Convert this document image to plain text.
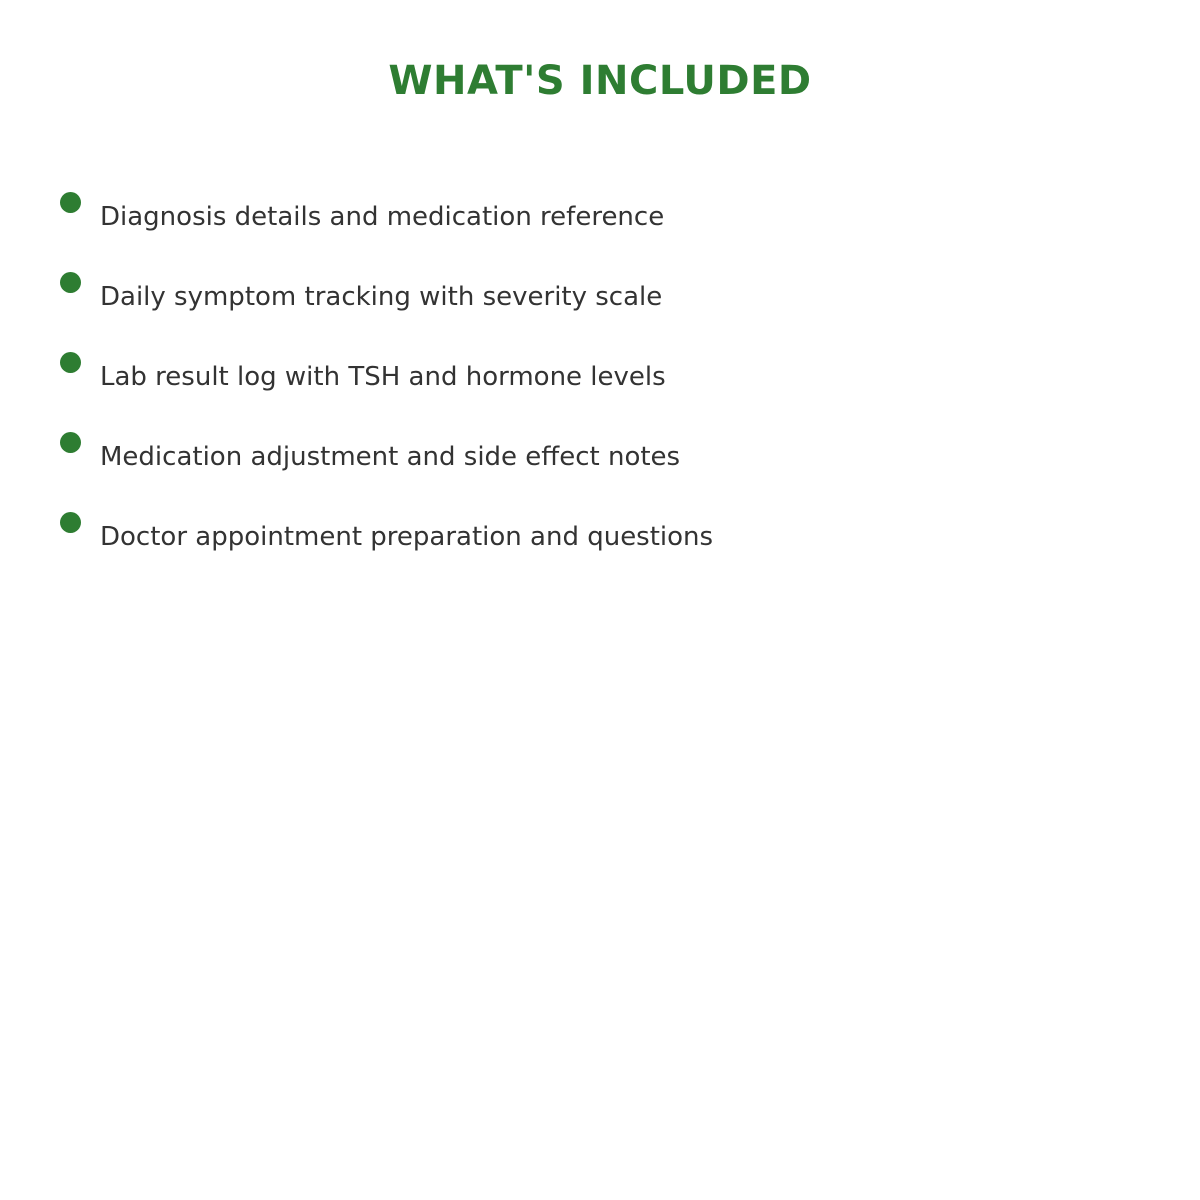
WHAT'S INCLUDED
Diagnosis details and medication reference
Daily symptom tracking with severity scale
Lab result log with TSH and hormone levels
Medication adjustment and side effect notes
Doctor appointment preparation and questions
